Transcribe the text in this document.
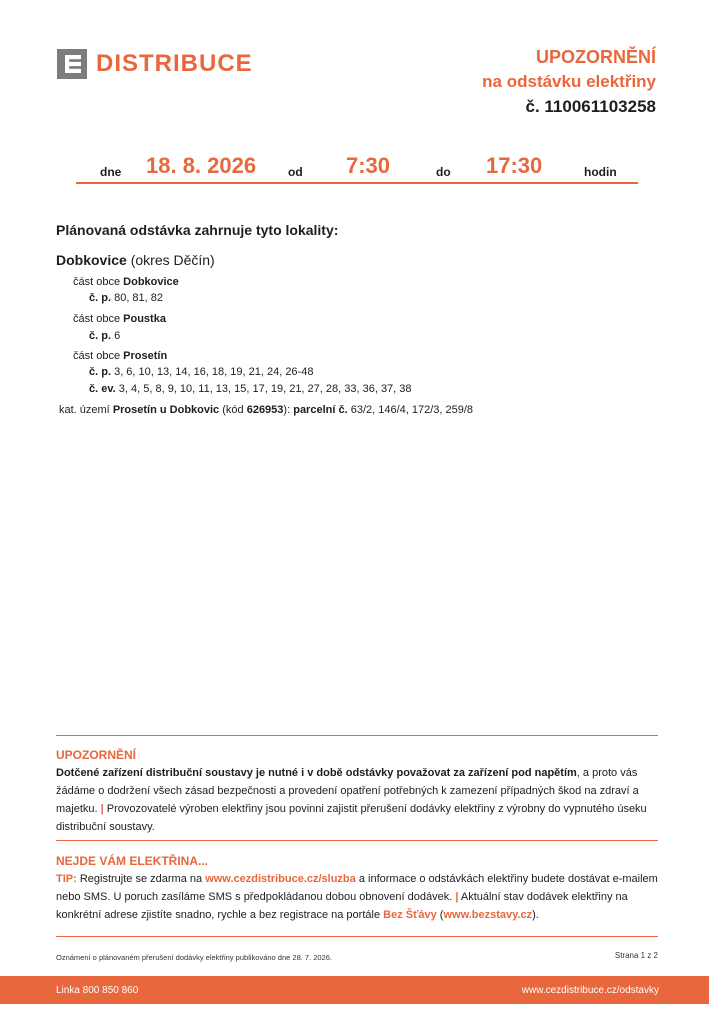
DISTRIBUCE	UPOZORNĚNÍ
na odstávku elektřiny
č. 110061103258
dne 18. 8. 2026	od 7:30	do 17:30	hodin
Plánovaná odstávka zahrnuje tyto lokality:
Dobkovice (okres Děčín)
část obce Dobkovice
č. p. 80, 81, 82
část obce Poustka
č. p. 6
část obce Prosetín
č. p. 3, 6, 10, 13, 14, 16, 18, 19, 21, 24, 26-48
č. ev. 3, 4, 5, 8, 9, 10, 11, 13, 15, 17, 19, 21, 27, 28, 33, 36, 37, 38
kat. území Prosetín u Dobkovic (kód 626953): parcelní č. 63/2, 146/4, 172/3, 259/8
UPOZORNĚNÍ
Dotčené zařízení distribuční soustavy je nutné i v době odstávky považovat za zařízení pod napětím, a proto vás žádáme o dodržení všech zásad bezpečnosti a provedení opatření potřebných k zamezení případných škod na zdraví a majetku. | Provozovatelé výroben elektřiny jsou povinni zajistit přerušení dodávky elektřiny z výrobny do vypnutého úseku distribuční soustavy.
NEJDE VÁM ELEKTŘINA...
TIP: Registrujte se zdarma na www.cezdistribuce.cz/sluzba a informace o odstávkách elektřiny budete dostávat e-mailem nebo SMS. U poruch zasíláme SMS s předpokládanou dobou obnovení dodávek. | Aktuální stav dodávek elektřiny na konkrétní adrese zjistíte snadno, rychle a bez registrace na portále Bez Šťávy (www.bezstavy.cz).
Oznámení o plánovaném přerušení dodávky elektřiny publikováno dne 28. 7. 2026.	Strana 1 z 2
Linka 800 850 860	www.cezdistribuce.cz/odstavky
